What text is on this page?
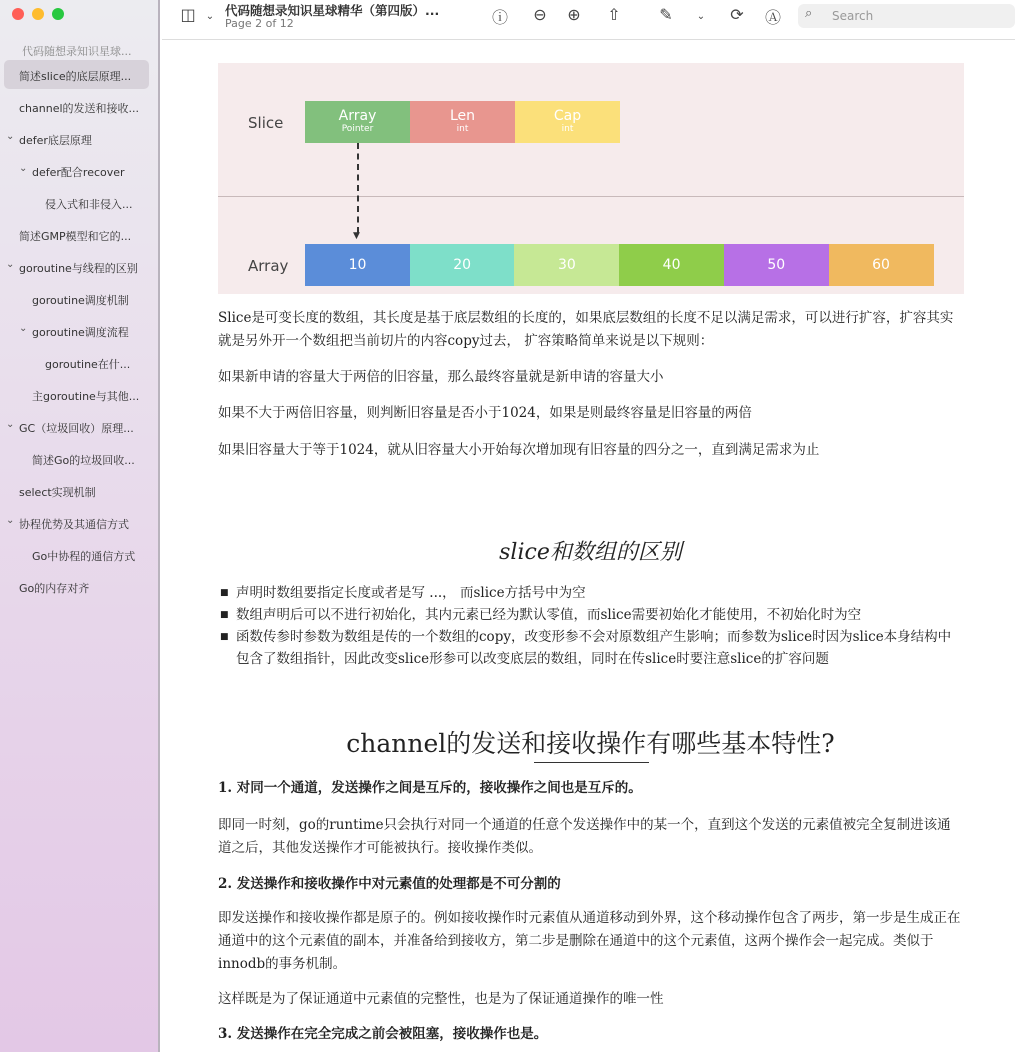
代码随想录知识星球...
简述slice的底层原理...
channel的发送和接收...
⌄ defer底层原理
⌄ defer配合recover
侵入式和非侵入...
简述GMP模型和它的...
⌄ goroutine与线程的区别
goroutine调度机制
⌄ goroutine调度流程
goroutine在什...
主goroutine与其他...
⌄ GC（垃圾回收）原理...
简述Go的垃圾回收...
select实现机制
⌄ 协程优势及其通信方式
Go中协程的通信方式
Go的内存对齐
◫	⌄ 代码随想录知识星球精华（第四版）...
Page 2 of 12	ⓘ	⊖	⊕	⇧	✎	⌄	⟳	Ⓐ	⌕ Search
Slice
Array
▼
Array
Pointer
Len
int
Cap
int
10	20	30	40	50	60
Slice是可变长度的数组，其长度是基于底层数组的长度的，如果底层数组的长度不足以满足需求，可以进行扩容，扩容其实就是另外开一个数组把当前切片的内容copy过去， 扩容策略简单来说是以下规则：
如果新申请的容量大于两倍的旧容量，那么最终容量就是新申请的容量大小
如果不大于两倍旧容量，则判断旧容量是否小于1024，如果是则最终容量是旧容量的两倍
如果旧容量大于等于1024，就从旧容量大小开始每次增加现有旧容量的四分之一，直到满足需求为止
slice和数组的区别
■ 声明时数组要指定长度或者是写 ...， 而slice方括号中为空
■ 数组声明后可以不进行初始化，其内元素已经为默认零值，而slice需要初始化才能使用，不初始化时为空
■ 函数传参时参数为数组是传的一个数组的copy，改变形参不会对原数组产生影响；而参数为slice时因为slice本身结构中包含了数组指针，因此改变slice形参可以改变底层的数组，同时在传slice时要注意slice的扩容问题
channel的发送和接收操作有哪些基本特性?
1. 对同一个通道，发送操作之间是互斥的，接收操作之间也是互斥的。
即同一时刻，go的runtime只会执行对同一个通道的任意个发送操作中的某一个，直到这个发送的元素值被完全复制进该通道之后，其他发送操作才可能被执行。接收操作类似。
2. 发送操作和接收操作中对元素值的处理都是不可分割的
即发送操作和接收操作都是原子的。例如接收操作时元素值从通道移动到外界，这个移动操作包含了两步，第一步是生成正在通道中的这个元素值的副本，并准备给到接收方，第二步是删除在通道中的这个元素值，这两个操作会一起完成。类似于innodb的事务机制。
这样既是为了保证通道中元素值的完整性，也是为了保证通道操作的唯一性
3. 发送操作在完全完成之前会被阻塞，接收操作也是。
